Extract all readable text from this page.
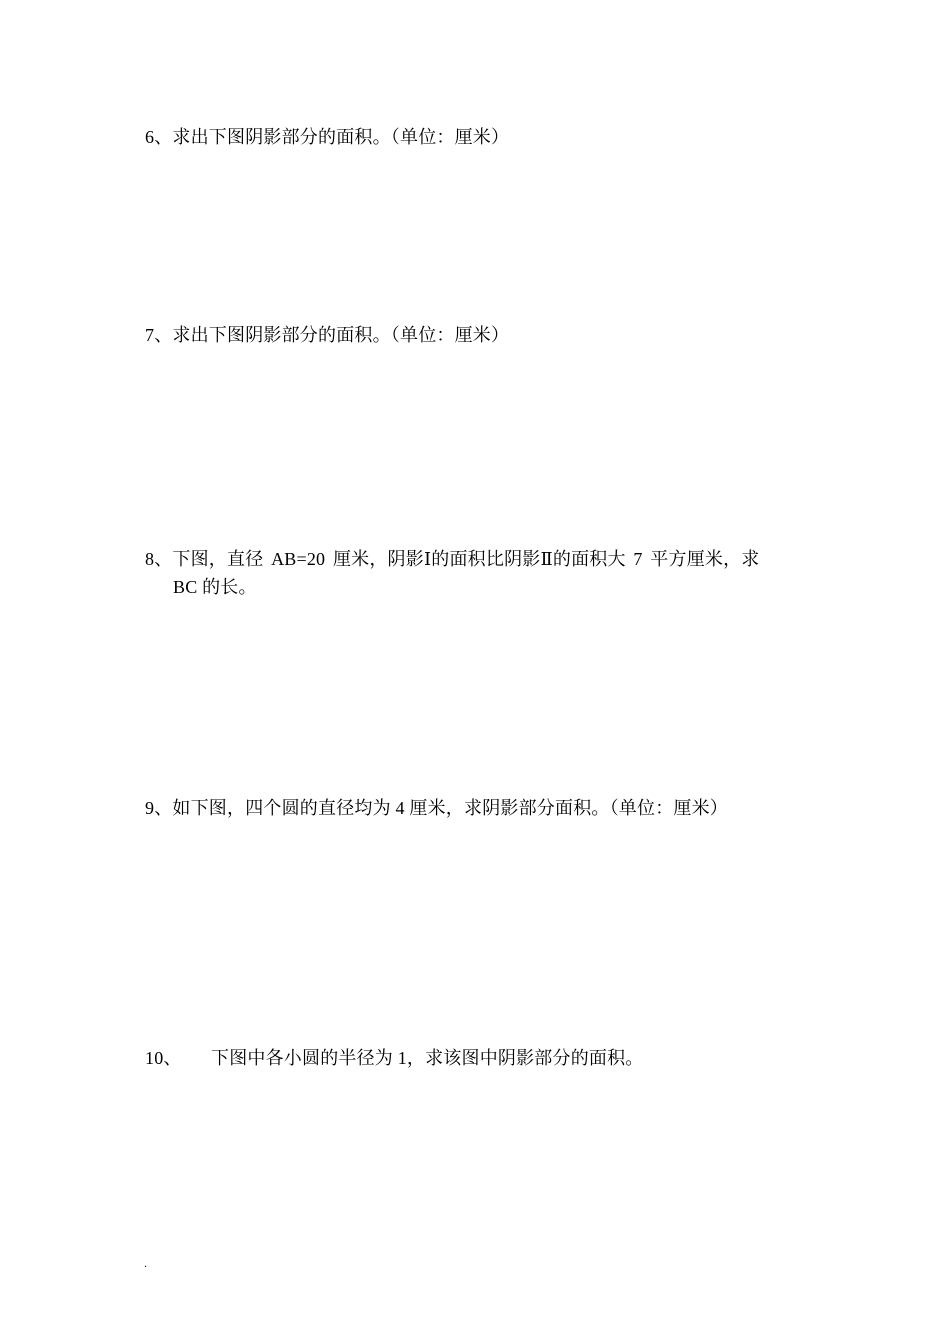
6、求出下图阴影部分的面积。（单位：厘米）
7、求出下图阴影部分的面积。（单位：厘米）
8、下图，直径 AB=20 厘米，阴影Ⅰ的面积比阴影Ⅱ的面积大 7 平方厘米，求
BC 的长。
9、如下图，四个圆的直径均为 4 厘米，求阴影部分面积。（单位：厘米）
10、 下图中各小圆的半径为 1，求该图中阴影部分的面积。
.
